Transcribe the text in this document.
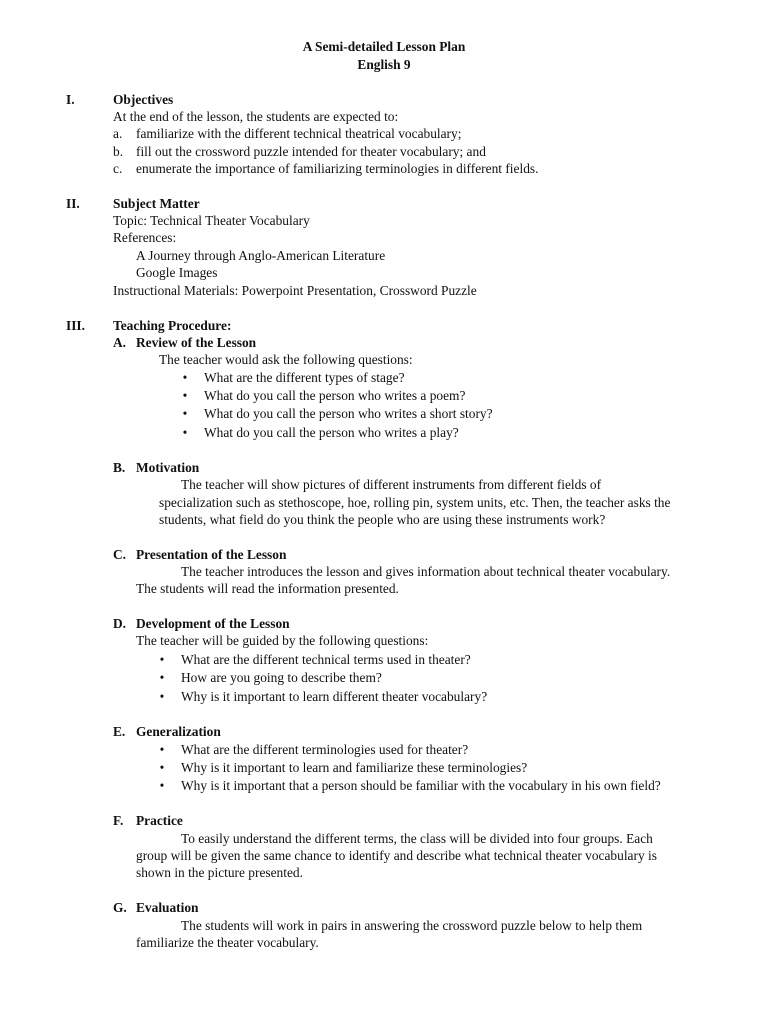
A Semi-detailed Lesson Plan
English 9
I.	Objectives
At the end of the lesson, the students are expected to:
a. familiarize with the different technical theatrical vocabulary;
b. fill out the crossword puzzle intended for theater vocabulary; and
c. enumerate the importance of familiarizing terminologies in different fields.
II. Subject Matter
Topic: Technical Theater Vocabulary
References:
A Journey through Anglo-American Literature
Google Images
Instructional Materials: Powerpoint Presentation, Crossword Puzzle
III. Teaching Procedure:
A. Review of the Lesson
The teacher would ask the following questions:
• What are the different types of stage?
• What do you call the person who writes a poem?
• What do you call the person who writes a short story?
• What do you call the person who writes a play?
B. Motivation
The teacher will show pictures of different instruments from different fields of
specialization such as stethoscope, hoe, rolling pin, system units, etc. Then, the teacher asks the
students, what field do you think the people who are using these instruments work?
C. Presentation of the Lesson
The teacher introduces the lesson and gives information about technical theater vocabulary.
The students will read the information presented.
D. Development of the Lesson
The teacher will be guided by the following questions:
• What are the different technical terms used in theater?
• How are you going to describe them?
• Why is it important to learn different theater vocabulary?
E. Generalization
• What are the different terminologies used for theater?
• Why is it important to learn and familiarize these terminologies?
• Why is it important that a person should be familiar with the vocabulary in his own field?
F. Practice
To easily understand the different terms, the class will be divided into four groups. Each
group will be given the same chance to identify and describe what technical theater vocabulary is
shown in the picture presented.
G. Evaluation
The students will work in pairs in answering the crossword puzzle below to help them
familiarize the theater vocabulary.
